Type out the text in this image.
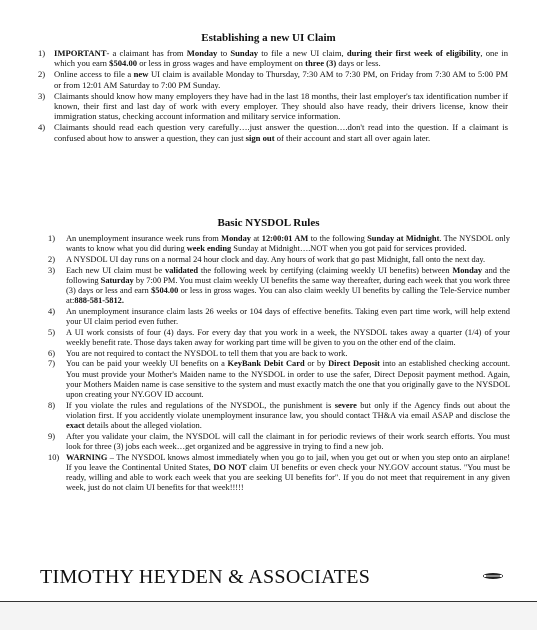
Establishing a new UI Claim
1)	IMPORTANT- a claimant has from Monday to Sunday to file a new UI claim, during their first week of eligibility, one in which you earn $504.00 or less in gross wages and have employment on three (3) days or less.
2)	Online access to file a new UI claim is available Monday to Thursday, 7:30 AM to 7:30 PM, on Friday from 7:30 AM to 5:00 PM or from 12:01 AM Saturday to 7:00 PM Sunday.
3)	Claimants should know how many employers they have had in the last 18 months, their last employer's tax identification number if known, their first and last day of work with every employer. They should also have ready, their drivers license, know their immigration status, checking account information and military service information.
4)	Claimants should read each question very carefully….just answer the question….don't read into the question. If a claimant is confused about how to answer a question, they can just sign out of their account and start all over again later.
Basic NYSDOL Rules
1)	An unemployment insurance week runs from Monday at 12:00:01 AM to the following Sunday at Midnight. The NYSDOL only wants to know what you did during week ending Sunday at Midnight….NOT when you got paid for services provided.
2)	A NYSDOL UI day runs on a normal 24 hour clock and day. Any hours of work that go past Midnight, fall onto the next day.
3)	Each new UI claim must be validated the following week by certifying (claiming weekly UI benefits) between Monday and the following Saturday by 7:00 PM. You must claim weekly UI benefits the same way thereafter, during each week that you work three (3) days or less and earn $504.00 or less in gross wages. You can also claim weekly UI benefits by calling the Tele-Service number at:888-581-5812.
4)	An unemployment insurance claim lasts 26 weeks or 104 days of effective benefits. Taking even part time work, will help extend your UI claim period even futher.
5)	A UI work consists of four (4) days. For every day that you work in a week, the NYSDOL takes away a quarter (1/4) of your weekly benefit rate. Those days taken away for working part time will be given to you on the other end of the claim.
6)	You are not required to contact the NYSDOL to tell them that you are back to work.
7)	You can be paid your weekly UI benefits on a KeyBank Debit Card or by Direct Deposit into an established checking account. You must provide your Mother's Maiden name to the NYSDOL in order to use the safer, Direct Deposit payment method. Again, your Mothers Maiden name is case sensitive to the system and must exactly match the one that you originally gave to the NYSDOL upon creating your NY.GOV ID account.
8)	If you violate the rules and regulations of the NYSDOL, the punishment is severe but only if the Agency finds out about the violation first. If you accidently violate unemployment insurance law, you should contact TH&A via email ASAP and disclose the exact details about the alleged violation.
9)	After you validate your claim, the NYSDOL will call the claimant in for periodic reviews of their work search efforts. You must look for three (3) jobs each week…get organized and be aggressive in trying to find a new job.
10) WARNING – The NYSDOL knows almost immediately when you go to jail, when you get out or when you step onto an airplane! If you leave the Continental United States, DO NOT claim UI benefits or even check your NY.GOV account status. "You must be ready, willing and able to work each week that you are seeking UI benefits for". If you do not meet that requirement in any given week, just do not claim UI benefits for that week!!!!!
TIMOTHY HEYDEN & ASSOCIATES
